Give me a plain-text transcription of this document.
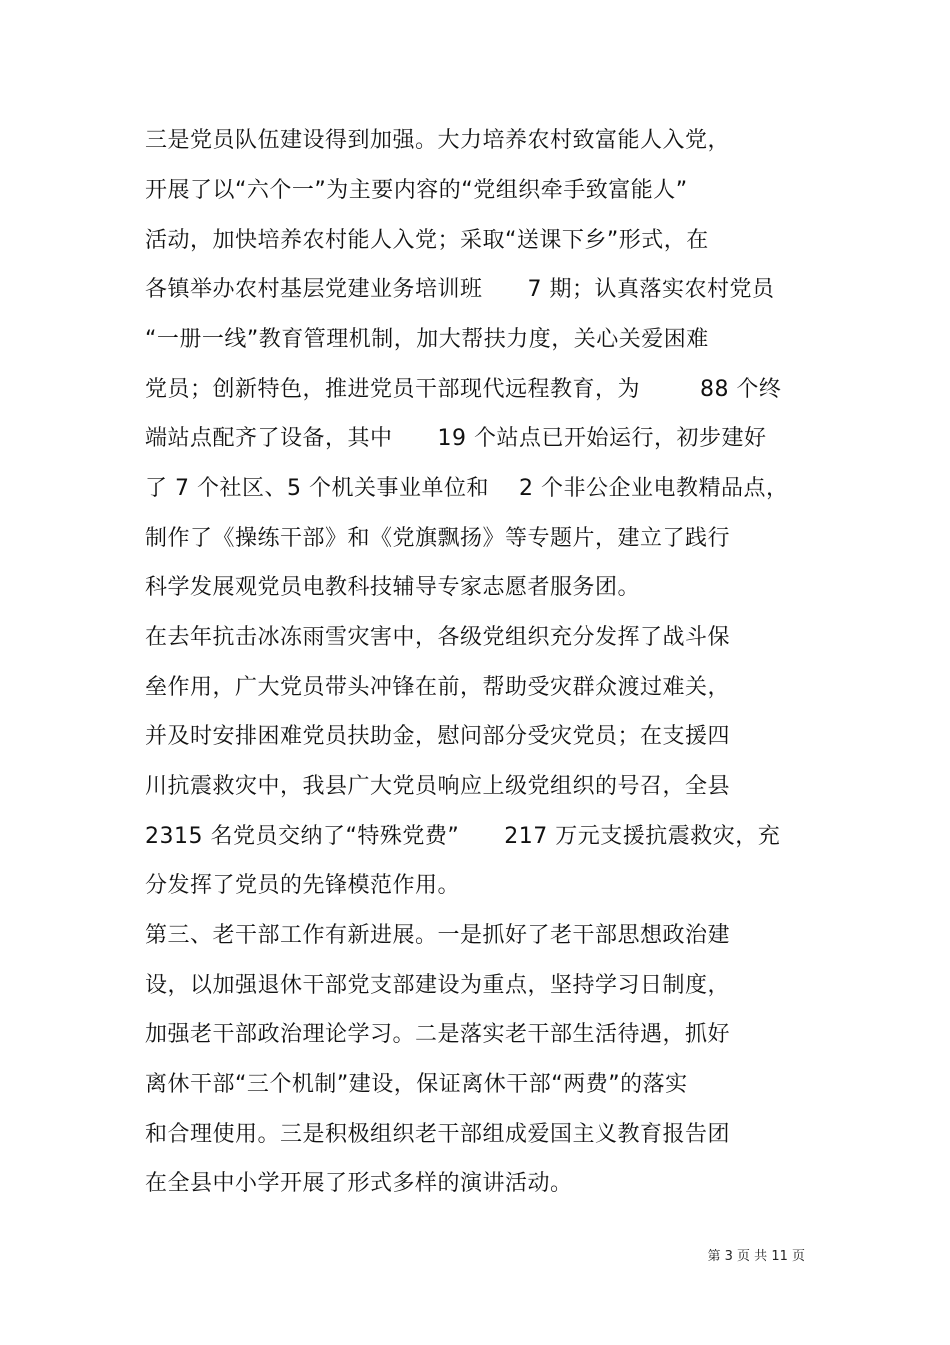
三是党员队伍建设得到加强。大力培养农村致富能人入党，
开展了以“六个一”为主要内容的“党组织牵手致富能人”
活动，加快培养农村能人入党；采取“送课下乡”形式，在
各镇举办农村基层党建业务培训班      7 期；认真落实农村党员
“一册一线”教育管理机制，加大帮扶力度，关心关爱困难
党员；创新特色，推进党员干部现代远程教育，为        88 个终
端站点配齐了设备，其中      19 个站点已开始运行，初步建好
了 7 个社区、5 个机关事业单位和    2 个非公企业电教精品点，
制作了《操练干部》和《党旗飘扬》等专题片，建立了践行
科学发展观党员电教科技辅导专家志愿者服务团。
在去年抗击冰冻雨雪灾害中，各级党组织充分发挥了战斗保
垒作用，广大党员带头冲锋在前，帮助受灾群众渡过难关，
并及时安排困难党员扶助金，慰问部分受灾党员；在支援四
川抗震救灾中，我县广大党员响应上级党组织的号召，全县
2315 名党员交纳了“特殊党费”      217 万元支援抗震救灾，充
分发挥了党员的先锋模范作用。
第三、老干部工作有新进展。一是抓好了老干部思想政治建
设，以加强退休干部党支部建设为重点，坚持学习日制度，
加强老干部政治理论学习。二是落实老干部生活待遇，抓好
离休干部“三个机制”建设，保证离休干部“两费”的落实
和合理使用。三是积极组织老干部组成爱国主义教育报告团
在全县中小学开展了形式多样的演讲活动。
第 3 页 共 11 页
